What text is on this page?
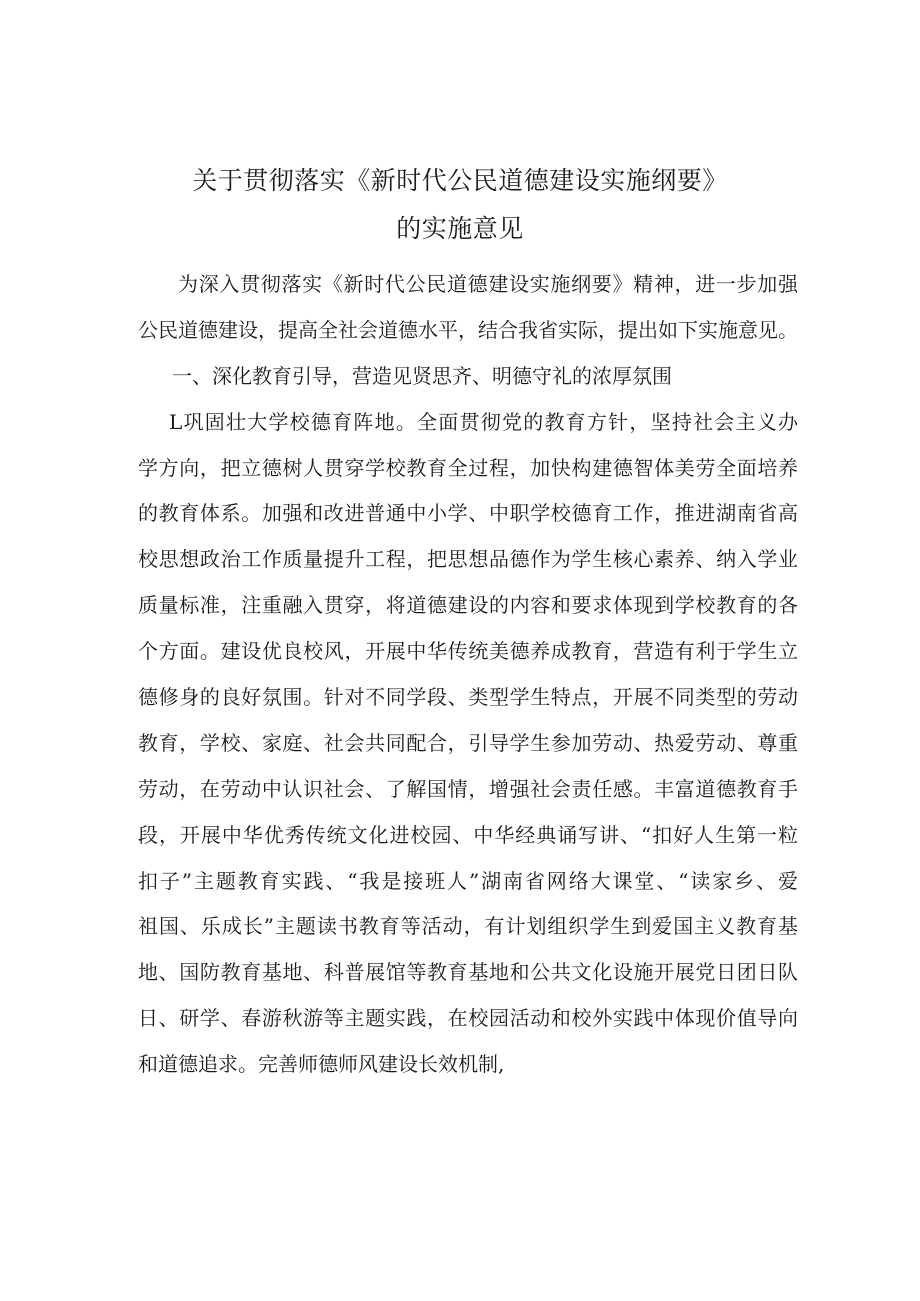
关于贯彻落实《新时代公民道德建设实施纲要》
的实施意见
为深入贯彻落实《新时代公民道德建设实施纲要》精神，进一步加强
公民道德建设，提高全社会道德水平，结合我省实际，提出如下实施意见。
一、深化教育引导，营造见贤思齐、明德守礼的浓厚氛围
L巩固壮大学校德育阵地。全面贯彻党的教育方针，坚持社会主义办
学方向，把立德树人贯穿学校教育全过程，加快构建德智体美劳全面培养
的教育体系。加强和改进普通中小学、中职学校德育工作，推进湖南省高
校思想政治工作质量提升工程，把思想品德作为学生核心素养、纳入学业
质量标准，注重融入贯穿，将道德建设的内容和要求体现到学校教育的各
个方面。建设优良校风，开展中华传统美德养成教育，营造有利于学生立
德修身的良好氛围。针对不同学段、类型学生特点，开展不同类型的劳动
教育，学校、家庭、社会共同配合，引导学生参加劳动、热爱劳动、尊重
劳动，在劳动中认识社会、了解国情，增强社会责任感。丰富道德教育手
段，开展中华优秀传统文化进校园、中华经典诵写讲、“扣好人生第一粒
扣子”主题教育实践、“我是接班人”湖南省网络大课堂、“读家乡、爱
祖国、乐成长”主题读书教育等活动，有计划组织学生到爱国主义教育基
地、国防教育基地、科普展馆等教育基地和公共文化设施开展党日团日队
日、研学、春游秋游等主题实践，在校园活动和校外实践中体现价值导向
和道德追求。完善师德师风建设长效机制,
